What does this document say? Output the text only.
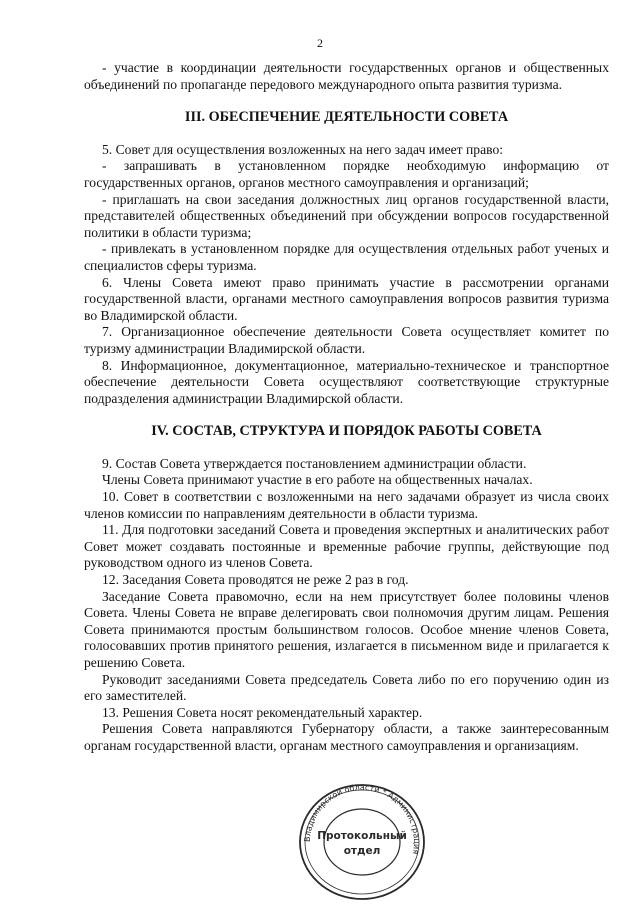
2

- участие в координации деятельности государственных органов и общественных объединений по пропаганде передового международного опыта развития туризма.

III. ОБЕСПЕЧЕНИЕ ДЕЯТЕЛЬНОСТИ СОВЕТА

5. Совет для осуществления возложенных на него задач имеет право:

- запрашивать в установленном порядке необходимую информацию от государственных органов, органов местного самоуправления и организаций;

- приглашать на свои заседания должностных лиц органов государственной власти, представителей общественных объединений при обсуждении вопросов государственной политики в области туризма;

- привлекать в установленном порядке для осуществления отдельных работ ученых и специалистов сферы туризма.

6. Члены Совета имеют право принимать участие в рассмотрении органами государственной власти, органами местного самоуправления вопросов развития туризма во Владимирской области.

7. Организационное обеспечение деятельности Совета осуществляет комитет по туризму администрации Владимирской области.

8. Информационное, документационное, материально-техническое и транспортное обеспечение деятельности Совета осуществляют соответствующие структурные подразделения администрации Владимирской области.

IV. СОСТАВ, СТРУКТУРА И ПОРЯДОК РАБОТЫ СОВЕТА

9. Состав Совета утверждается постановлением администрации области.

Члены Совета принимают участие в его работе на общественных началах.

10. Совет в соответствии с возложенными на него задачами образует из числа своих членов комиссии по направлениям деятельности в области туризма.

11. Для подготовки заседаний Совета и проведения экспертных и аналитических работ Совет может создавать постоянные и временные рабочие группы, действующие под руководством одного из членов Совета.

12. Заседания Совета проводятся не реже 2 раз в год.

Заседание Совета правомочно, если на нем присутствует более половины членов Совета. Члены Совета не вправе делегировать свои полномочия другим лицам. Решения Совета принимаются простым большинством голосов. Особое мнение членов Совета, голосовавших против принятого решения, излагается в письменном виде и прилагается к решению Совета.

Руководит заседаниями Совета председатель Совета либо по его поручению один из его заместителей.

13. Решения Совета носят рекомендательный характер.

Решения Совета направляются Губернатору области, а также заинтересованным органам государственной власти, органам местного самоуправления и организациям.

Владимирской области * Администрация
Протокольный
отдел
